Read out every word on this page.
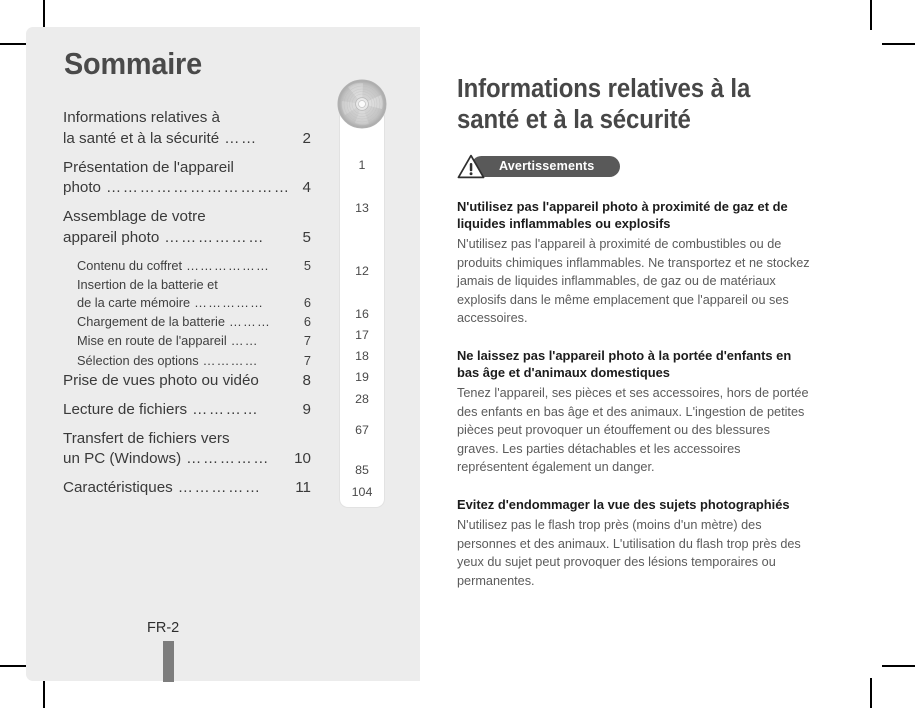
Sommaire
Informations relatives à
la santé et à la sécurité ……	2
Présentation de l'appareil
photo …………………………… 4
Assemblage de votre
appareil photo ………………	5
Contenu du coffret ………………	5
Insertion de la batterie et
de la carte mémoire ……………	6
Chargement de la batterie ………	6
Mise en route de l'appareil ……	7
Sélection des options …………	7
Prise de vues photo ou vidéo	8
Lecture de fichiers …………	9
Transfert de fichiers vers
un PC (Windows) ……………	10
Caractéristiques ……………	11
1
13
12
16
17
18
19
28
67
85
104
FR-2
Informations relatives à la santé et à la sécurité
Avertissements
N'utilisez pas l'appareil photo à proximité de gaz et de liquides inflammables ou explosifs
N'utilisez pas l'appareil à proximité de combustibles ou de produits chimiques inflammables. Ne transportez et ne stockez jamais de liquides inflammables, de gaz ou de matériaux explosifs dans le même emplacement que l'appareil ou ses accessoires.
Ne laissez pas l'appareil photo à la portée d'enfants en bas âge et d'animaux domestiques
Tenez l'appareil, ses pièces et ses accessoires, hors de portée des enfants en bas âge et des animaux. L'ingestion de petites pièces peut provoquer un étouffement ou des blessures graves. Les parties détachables et les accessoires représentent également un danger.
Evitez d'endommager la vue des sujets photographiés
N'utilisez pas le flash trop près (moins d'un mètre) des personnes et des animaux. L'utilisation du flash trop près des yeux du sujet peut provoquer des lésions temporaires ou permanentes.
